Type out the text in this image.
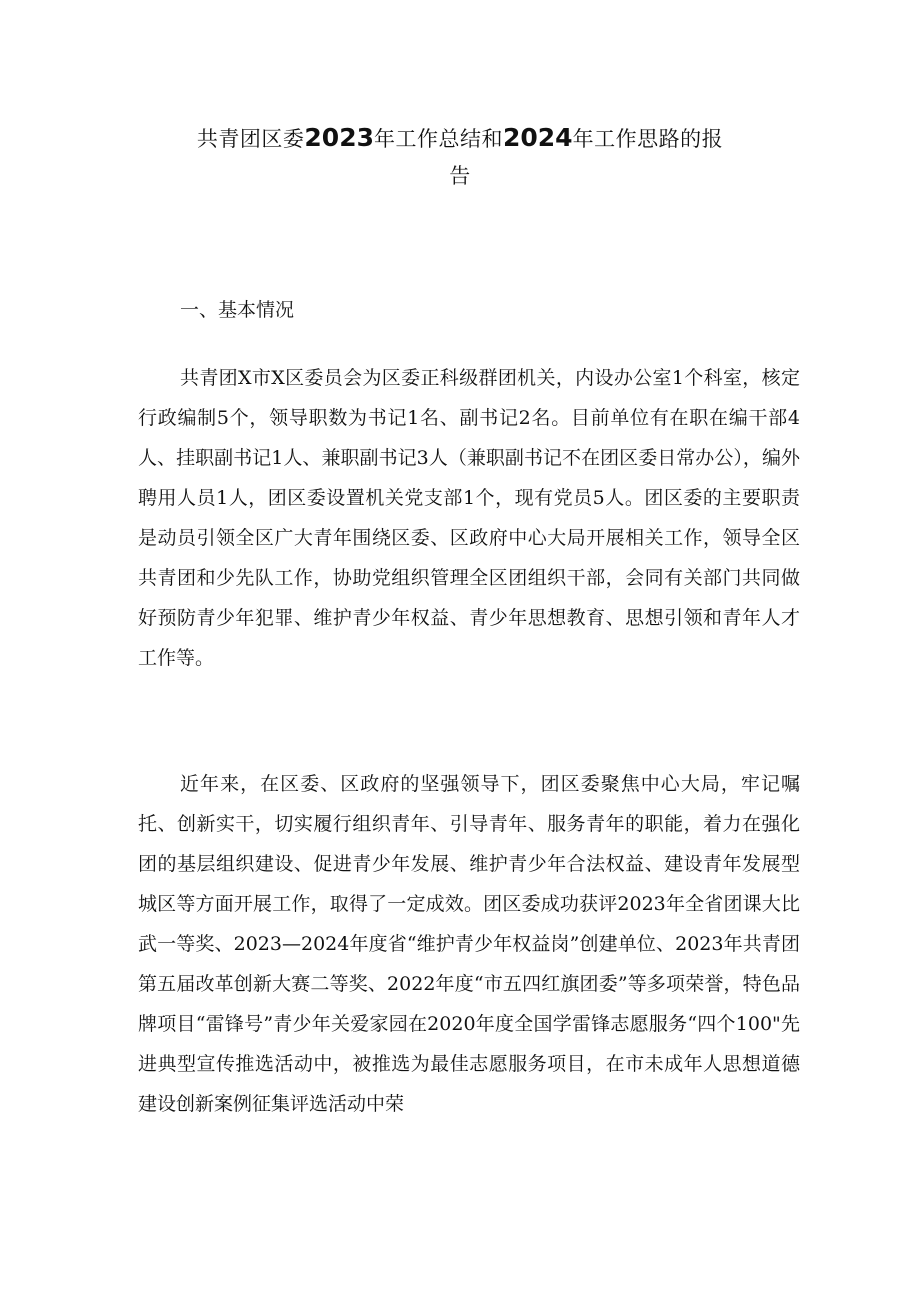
共青团区委2023年工作总结和2024年工作思路的报
告
一、基本情况

共青团X市X区委员会为区委正科级群团机关，内设办公室1个科室，核定行政编制5个，领导职数为书记1名、副书记2名。目前单位有在职在编干部4人、挂职副书记1人、兼职副书记3人（兼职副书记不在团区委日常办公），编外聘用人员1人，团区委设置机关党支部1个，现有党员5人。团区委的主要职责是动员引领全区广大青年围绕区委、区政府中心大局开展相关工作，领导全区共青团和少先队工作，协助党组织管理全区团组织干部，会同有关部门共同做好预防青少年犯罪、维护青少年权益、青少年思想教育、思想引领和青年人才工作等。

近年来，在区委、区政府的坚强领导下，团区委聚焦中心大局，牢记嘱托、创新实干，切实履行组织青年、引导青年、服务青年的职能，着力在强化团的基层组织建设、促进青少年发展、维护青少年合法权益、建设青年发展型城区等方面开展工作，取得了一定成效。团区委成功获评2023年全省团课大比武一等奖、2023—2024年度省“维护青少年权益岗”创建单位、2023年共青团第五届改革创新大赛二等奖、2022年度“市五四红旗团委”等多项荣誉，特色品牌项目“雷锋号”青少年关爱家园在2020年度全国学雷锋志愿服务“四个100"先进典型宣传推选活动中，被推选为最佳志愿服务项目，在市未成年人思想道德建设创新案例征集评选活动中荣
